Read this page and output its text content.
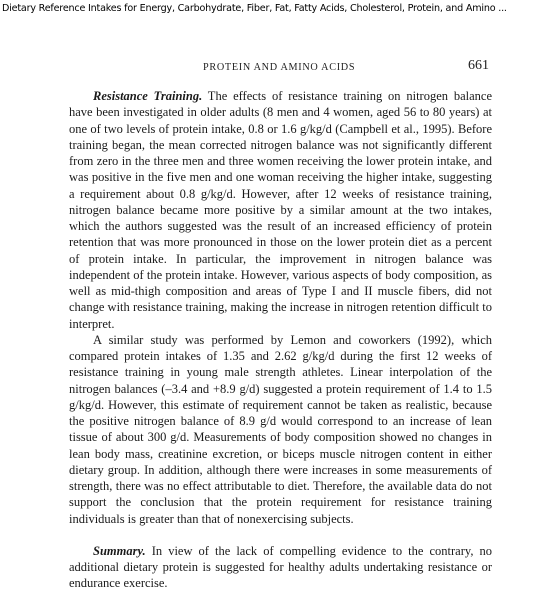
Dietary Reference Intakes for Energy, Carbohydrate, Fiber, Fat, Fatty Acids, Cholesterol, Protein, and Amino ...
PROTEIN AND AMINO ACIDS	661

Resistance Training. The effects of resistance training on nitrogen balance have been investigated in older adults (8 men and 4 women, aged 56 to 80 years) at one of two levels of protein intake, 0.8 or 1.6 g/kg/d (Campbell et al., 1995). Before training began, the mean corrected nitrogen balance was not significantly different from zero in the three men and three women receiving the lower protein intake, and was positive in the five men and one woman receiving the higher intake, suggesting a requirement about 0.8 g/kg/d. However, after 12 weeks of resistance training, nitrogen balance became more positive by a similar amount at the two intakes, which the authors suggested was the result of an increased efficiency of protein retention that was more pronounced in those on the lower protein diet as a percent of protein intake. In particular, the improvement in nitrogen balance was independent of the protein intake. However, various aspects of body composition, as well as mid-thigh composition and areas of Type I and II muscle fibers, did not change with resistance training, making the increase in nitrogen retention difficult to interpret.

A similar study was performed by Lemon and coworkers (1992), which compared protein intakes of 1.35 and 2.62 g/kg/d during the first 12 weeks of resistance training in young male strength athletes. Linear interpolation of the nitrogen balances (–3.4 and +8.9 g/d) suggested a protein requirement of 1.4 to 1.5 g/kg/d. However, this estimate of requirement cannot be taken as realistic, because the positive nitrogen balance of 8.9 g/d would correspond to an increase of lean tissue of about 300 g/d. Measurements of body composition showed no changes in lean body mass, creatinine excretion, or biceps muscle nitrogen content in either dietary group. In addition, although there were increases in some measurements of strength, there was no effect attributable to diet. Therefore, the available data do not support the conclusion that the protein requirement for resistance training individuals is greater than that of nonexercising subjects.

Summary. In view of the lack of compelling evidence to the contrary, no additional dietary protein is suggested for healthy adults undertaking resistance or endurance exercise.
